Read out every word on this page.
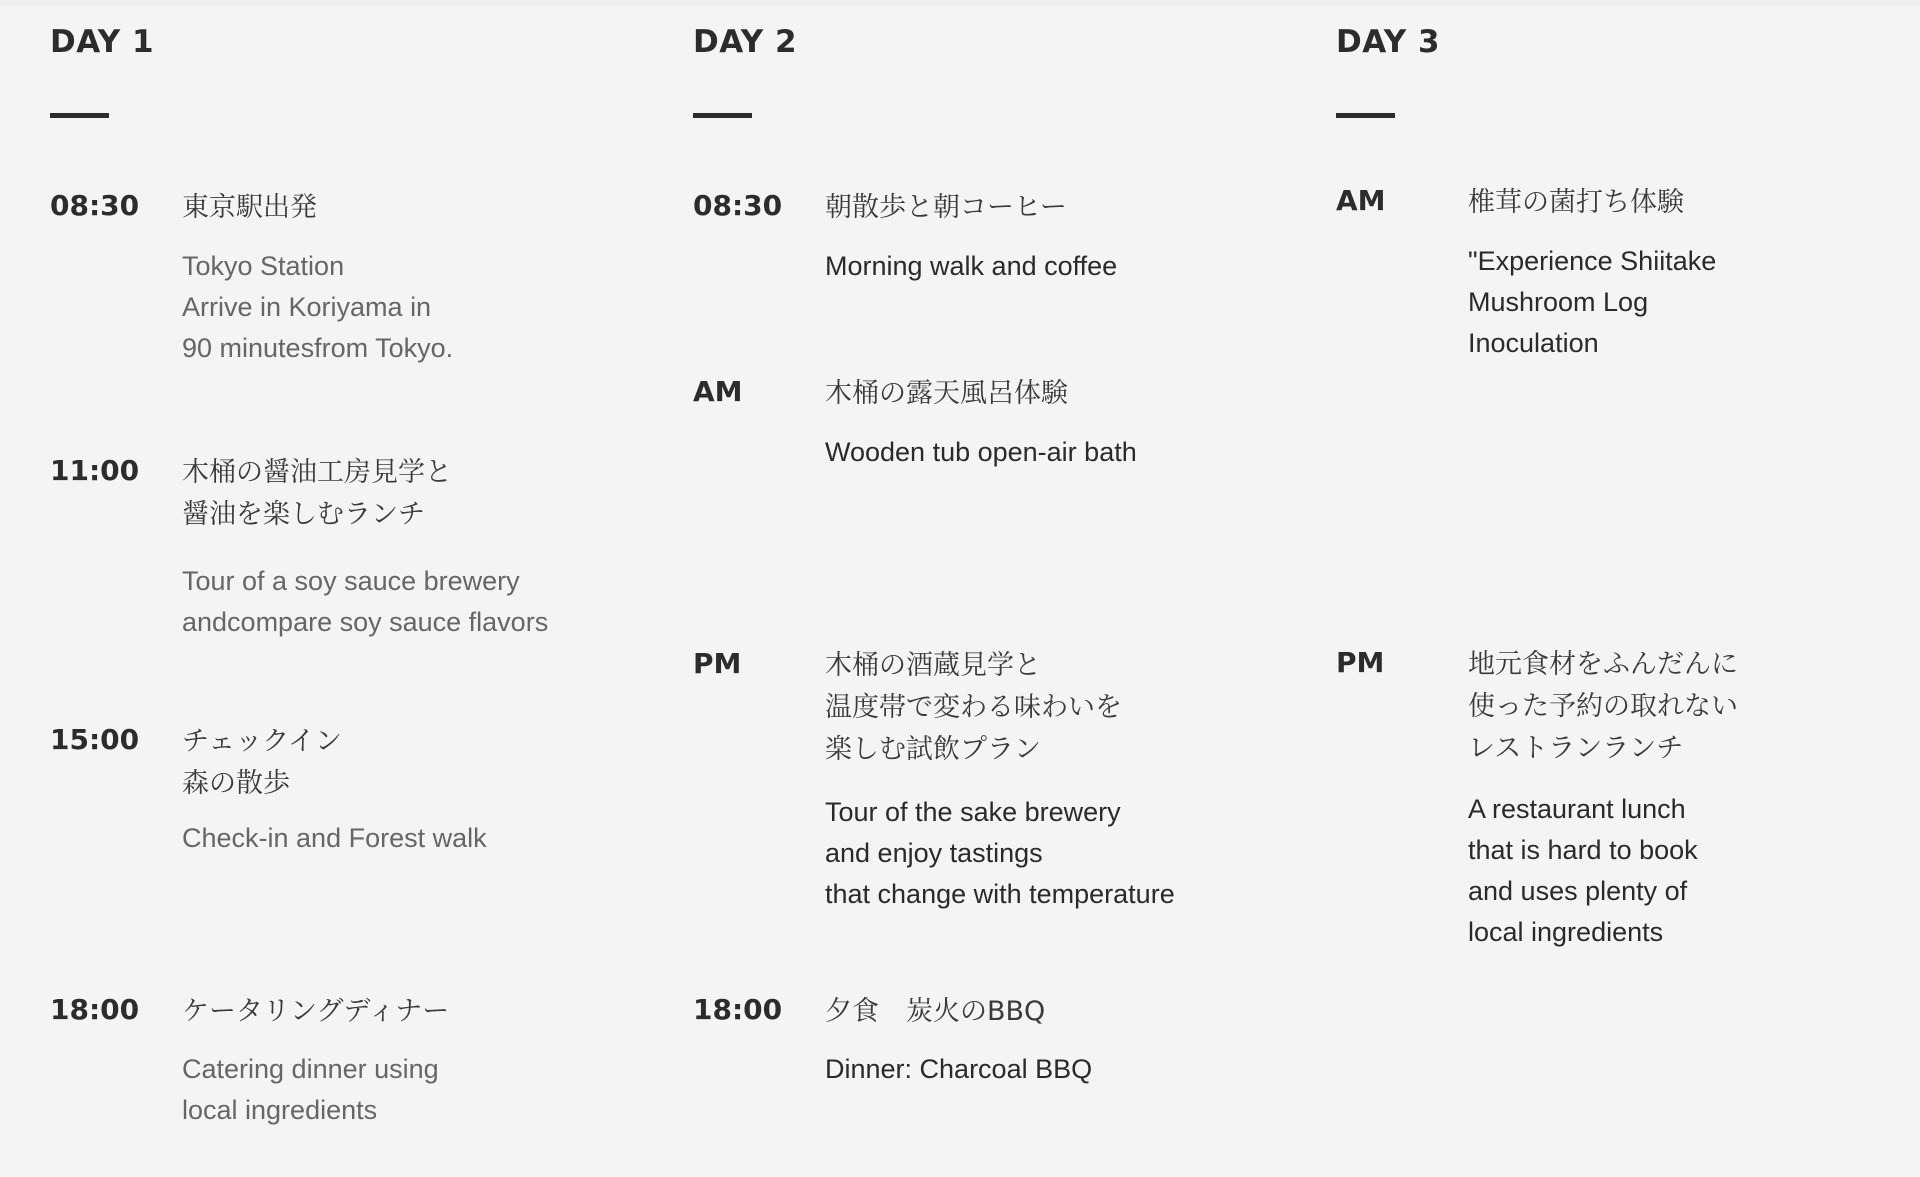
DAY 1
08:30 東京駅出発
Tokyo Station
Arrive in Koriyama in
90 minutesfrom Tokyo.
11:00 木桶の醤油工房見学と
醤油を楽しむランチ
Tour of a soy sauce brewery
andcompare soy sauce flavors
15:00 チェックイン
森の散歩
Check-in and Forest walk
18:00 ケータリングディナー
Catering dinner using
local ingredients
DAY 2
08:30 朝散歩と朝コーヒー
Morning walk and coffee
AM	木桶の露天風呂体験
Wooden tub open-air bath
PM	木桶の酒蔵見学と
温度帯で変わる味わいを
楽しむ試飲プラン
Tour of the sake brewery
and enjoy tastings
that change with temperature
18:00 夕食　炭火のBBQ
Dinner: Charcoal BBQ
DAY 3
AM	椎茸の菌打ち体験
"Experience Shiitake
Mushroom Log
Inoculation
PM	地元食材をふんだんに
使った予約の取れない
レストランランチ
A restaurant lunch
that is hard to book
and uses plenty of
local ingredients
